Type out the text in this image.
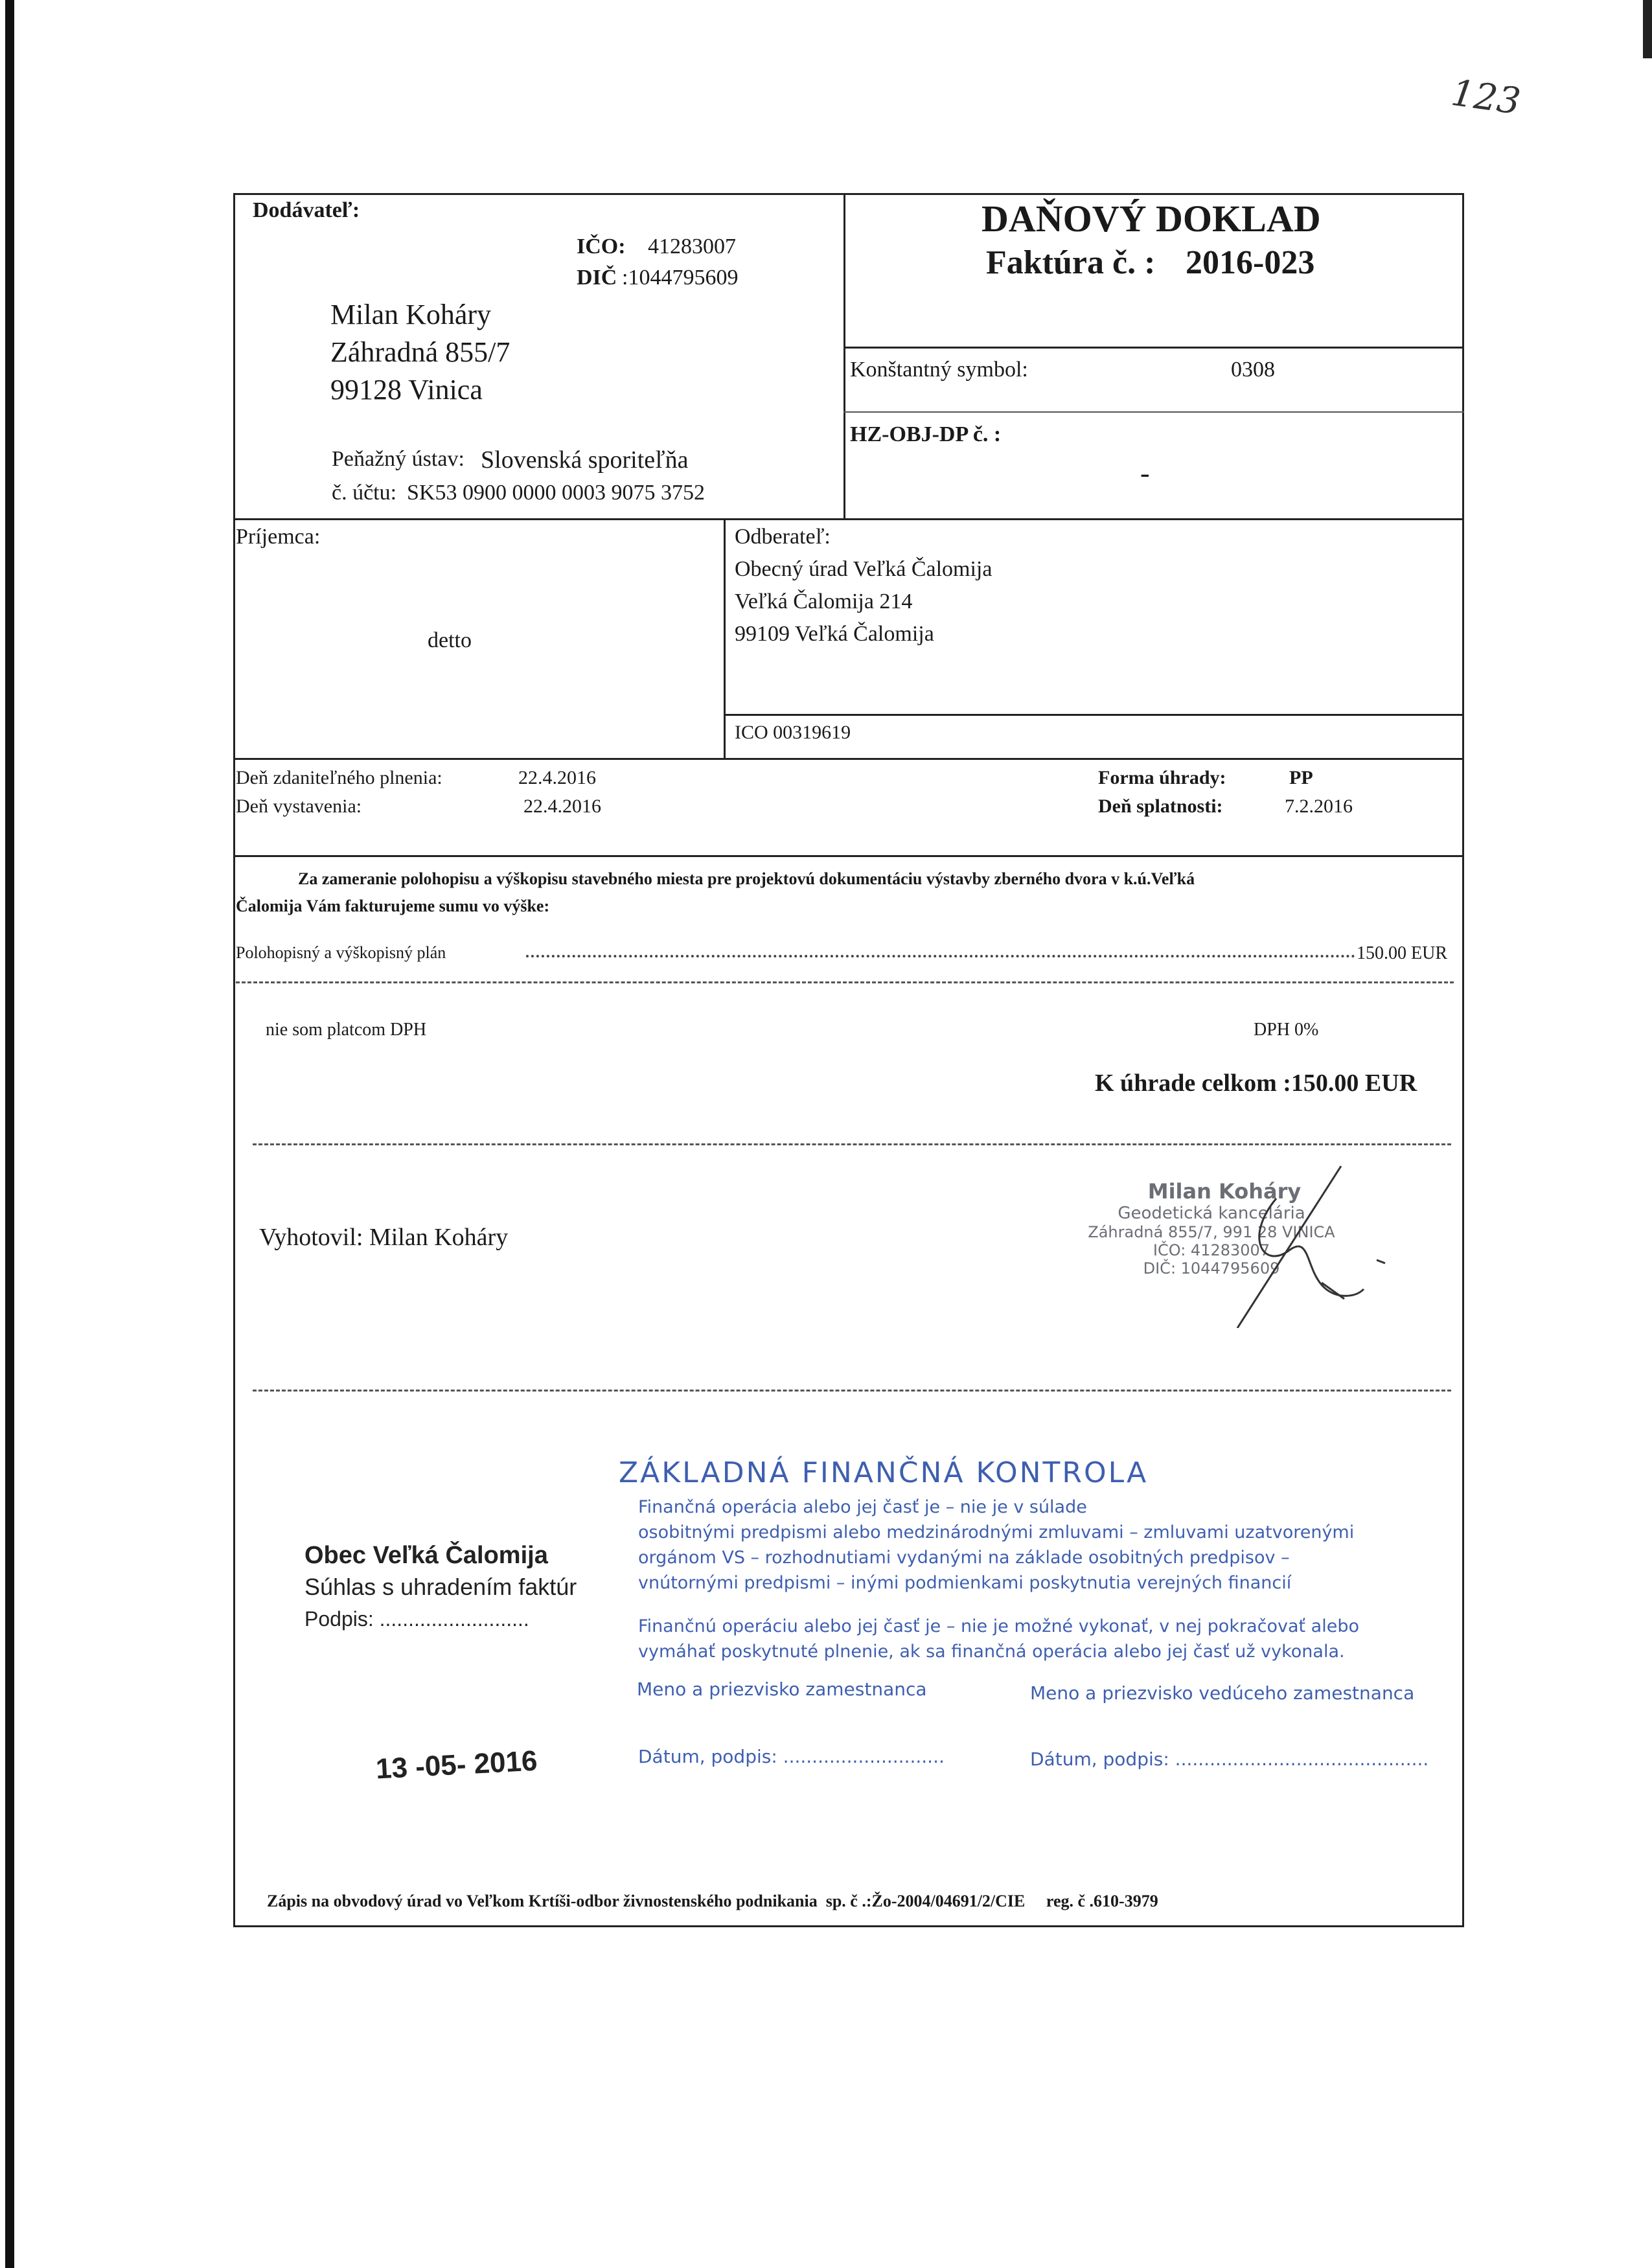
123
Dodávateľ:
IČO: 41283007
DIČ :1044795609
Milan Koháry
Záhradná 855/7
99128 Vinica
Peňažný ústav: Slovenská sporiteľňa
č. účtu: SK53 0900 0000 0003 9075 3752
DAŇOVÝ DOKLAD
Faktúra č. : 2016-023
Konštantný symbol:	0308
HZ-OBJ-DP č. :
-
Príjemca:
detto
Odberateľ:
Obecný úrad Veľká Čalomija
Veľká Čalomija 214
99109 Veľká Čalomija
ICO 00319619
Deň zdaniteľného plnenia:	22.4.2016
Deň vystavenia:	22.4.2016
Forma úhrady:	PP
Deň splatnosti:	7.2.2016
Za zameranie polohopisu a výškopisu stavebného miesta pre projektovú dokumentáciu výstavby zberného dvora v k.ú.Veľká
Čalomija Vám fakturujeme sumu vo výške:
Polohopisný a výškopisný plán	150.00 EUR
nie som platcom DPH	DPH 0%
K úhrade celkom :150.00 EUR
Vyhotovil: Milan Koháry
Milan Koháry
Geodetická kancelária
Záhradná 855/7, 991 28 VINICA
IČO: 41283007
DIČ: 1044795609
Obec Veľká Čalomija
Súhlas s uhradením faktúr
Podpis: ..........................
13 -05- 2016
ZÁKLADNÁ FINANČNÁ KONTROLA
Finančná operácia alebo jej časť je – nie je v súlade
osobitnými predpismi alebo medzinárodnými zmluvami – zmluvami uzatvorenými
orgánom VS – rozhodnutiami vydanými na základe osobitných predpisov –
vnútornými predpismi – inými podmienkami poskytnutia verejných financií
Finančnú operáciu alebo jej časť je – nie je možné vykonať, v nej pokračovať alebo
vymáhať poskytnuté plnenie, ak sa finančná operácia alebo jej časť už vykonala.
Meno a priezvisko zamestnanca	Meno a priezvisko vedúceho zamestnanca
Dátum, podpis: ............................	Dátum, podpis: ............................................
Zápis na obvodový úrad vo Veľkom Krtíši-odbor živnostenského podnikania  sp. č .:Žo-2004/04691/2/CIE     reg. č .610-3979
